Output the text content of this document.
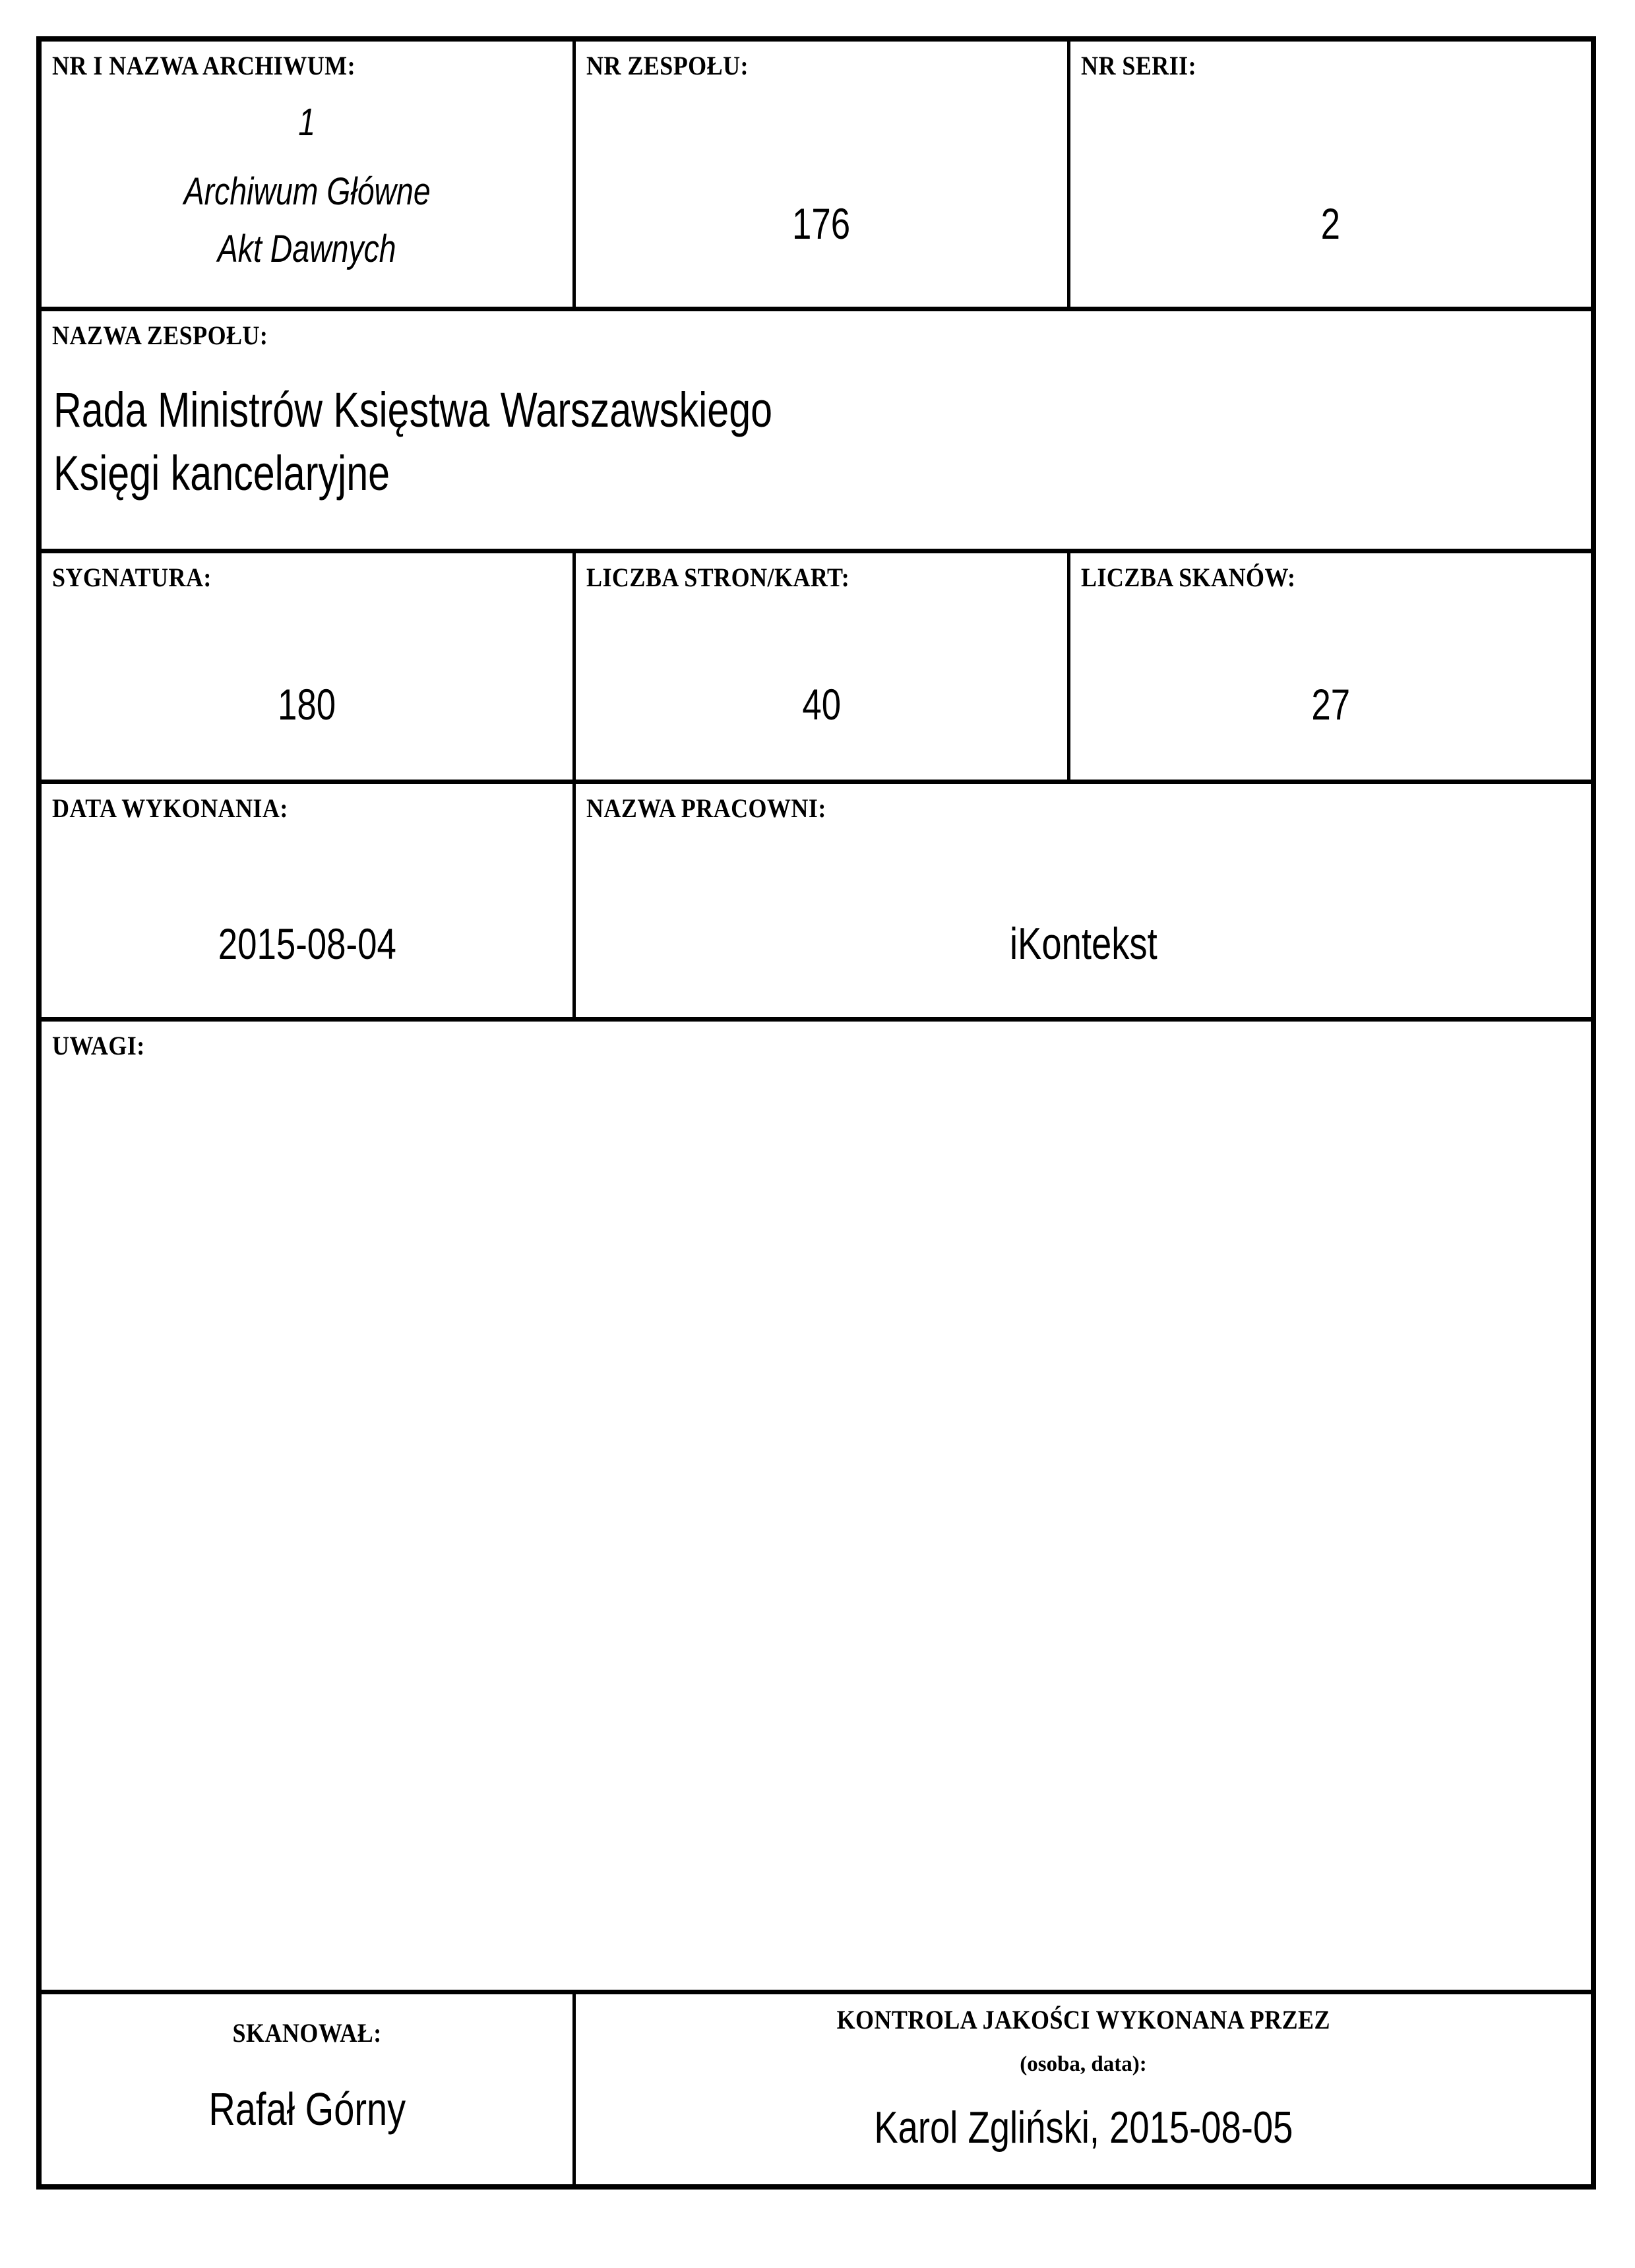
NR I NAZWA ARCHIWUM:
1
Archiwum Główne
Akt Dawnych
NR ZESPOŁU:
176
NR SERII:
2
NAZWA ZESPOŁU:
Rada Ministrów Księstwa Warszawskiego
Księgi kancelaryjne
SYGNATURA:
180
LICZBA STRON/KART:
40
LICZBA SKANÓW:
27
DATA WYKONANIA:
2015-08-04
NAZWA PRACOWNI:
iKontekst
UWAGI:
SKANOWAŁ:
Rafał Górny
KONTROLA JAKOŚCI WYKONANA PRZEZ
(osoba, data):
Karol Zgliński, 2015-08-05
